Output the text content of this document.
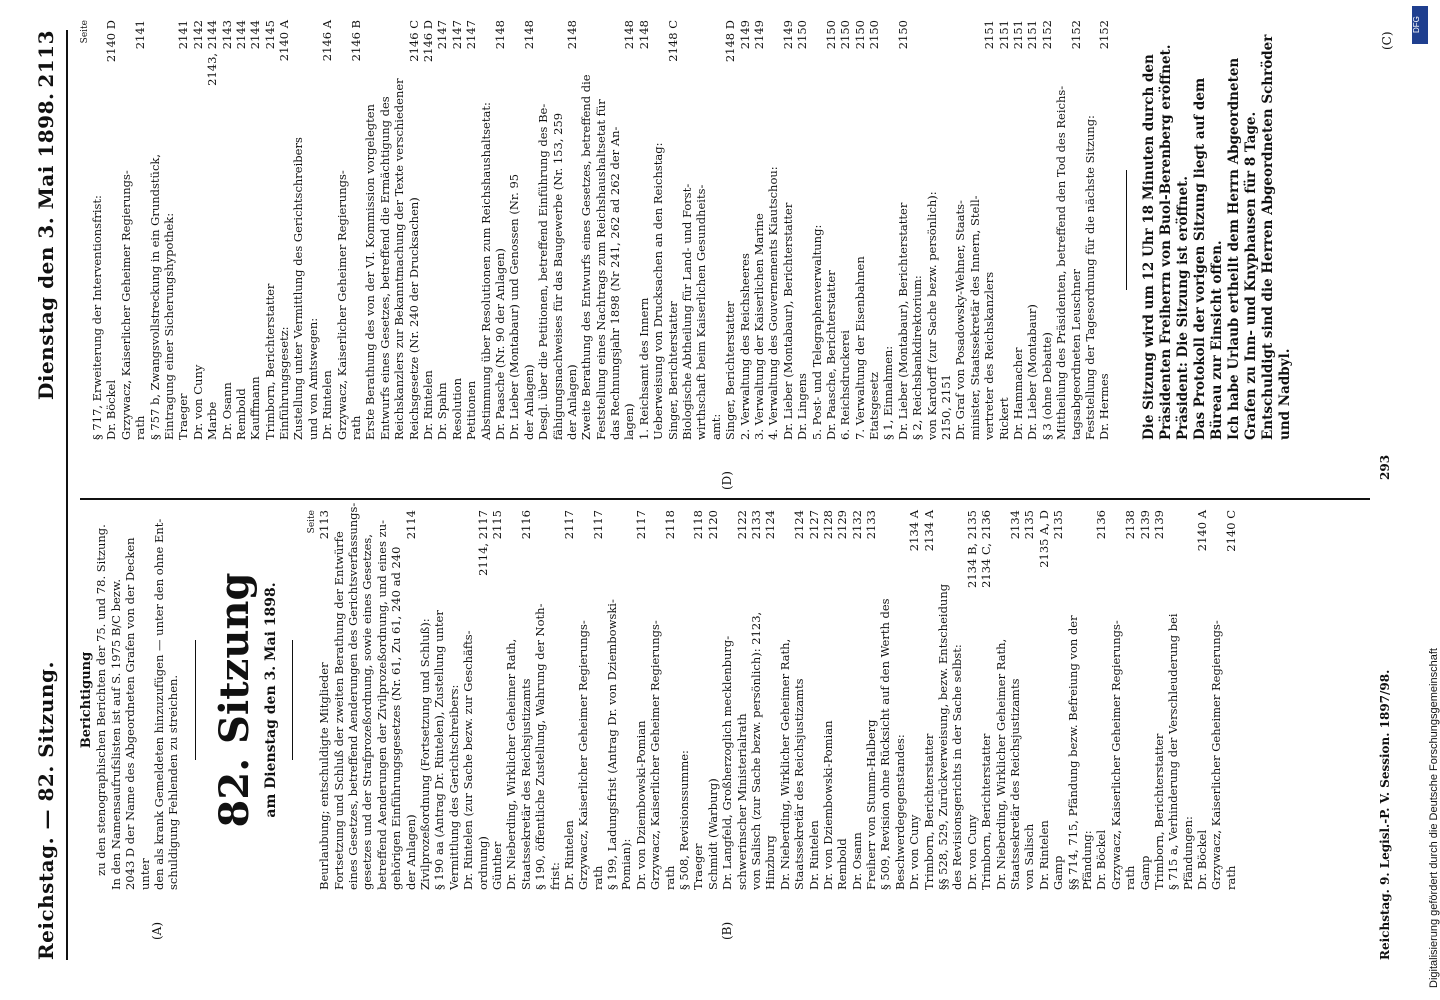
Reichstag. — 82. Sitzung.
Dienstag den 3. Mai 1898.
2113
(A)	(B)
(C)
(D)
Berichtigung zu den stenographischen Berichten der 75. und 78. Sitzung. In den Namensaufrufslisten ist auf S. 1975 B/C bezw. 2043 D der Name des Abgeordneten Grafen von der Decken unter den als krank Gemeldeten hinzuzufügen — unter den ohne Ent- schuldigung Fehlenden zu streichen. 82. Sitzung am Dienstag den 3. Mai 1898.
Seite
Beurlaubung; entschuldigte Mitglieder
2113
Fortsetzung und Schluß der zweiten Berathung der Entwürfe eines Gesetzes, betreffend Aenderungen des Gerichtsverfassungs- gesetzes und der Strafprozeßordnung, sowie eines Gesetzes, betreffend Aenderungen der Zivilprozeßordnung, und eines zu- gehörigen Einführungsgesetzes (Nr. 61, Zu 61, 240 ad 240 der Anlagen)
2114
Zivilprozeßordnung (Fortsetzung und Schluß): § 190 aa (Antrag Dr. Rintelen), Zustellung unter Vermittlung des Gerichtschreibers: Dr. Rintelen (zur Sache bezw. zur Geschäfts- ordnung)
2114, 2117
Günther
2115
Dr. Nieberding, Wirklicher Geheimer Rath, Staatssekretär des Reichsjustizamts
2116
§ 190, öffentliche Zustellung, Wahrung der Noth- frist: Dr. Rintelen
2117
Grzywacz, Kaiserlicher Geheimer Regierungs- rath
2117
§ 199, Ladungsfrist (Antrag Dr. von Dziembowski- Pomian): Dr. von Dziembowski-Pomian
2117
Grzywacz, Kaiserlicher Geheimer Regierungs- rath
2118
§ 508, Revisionssumme: Traeger
2118
Schmidt (Warburg)
2120
Dr. Langfeld, Großherzoglich mecklenburg- schwerinscher Ministerialrath
2122
von Salisch (zur Sache bezw. persönlich): 2123,
2133
Hinzburg
2124
Dr. Nieberding, Wirklicher Geheimer Rath, Staatssekretär des Reichsjustizamts
2124
Dr. Rintelen
2127
Dr. von Dziembowski-Pomian
2128
Rembold
2129
Dr. Osann
2132
Freiherr von Stumm-Halberg
2133
§ 509, Revision ohne Rücksicht auf den Werth des Beschwerdegegenstandes: Dr. von Cuny
2134 A
Trimborn, Berichterstatter
2134 A
§§ 528, 529, Zurückverweisung, bezw. Entscheidung des Revisionsgerichts in der Sache selbst: Dr. von Cuny
2134 B, 2135
Trimborn, Berichterstatter
2134 C, 2136
Dr. Nieberding, Wirklicher Geheimer Rath, Staatssekretär des Reichsjustizamts
2134
von Salisch
2135
Dr. Rintelen
2135 A, D
Gamp
2135
§§ 714, 715, Pfändung bezw. Befreiung von der Pfändung: Dr. Böckel
2136
Grzywacz, Kaiserlicher Geheimer Regierungs- rath
2138
Gamp
2139
Trimborn, Berichterstatter
2139
§ 715 a, Verhinderung der Verschleuderung bei Pfändungen: Dr. Böckel
2140 A
Grzywacz, Kaiserlicher Geheimer Regierungs- rath
2140 C
Seite
§ 717, Erweiterung der Interventionsfrist: Dr. Böckel
2140 D
Grzywacz, Kaiserlicher Geheimer Regierungs- rath
2141
§ 757 b, Zwangsvollstreckung in ein Grundstück, Eintragung einer Sicherungshypothek: Traeger
2141
Dr. von Cuny
2142
Marbe
2143, 2144
Dr. Osann
2143
Rembold
2144
Kauffmann
2144
Trimborn, Berichterstatter
2145
Einführungsgesetz:
2140 A
Zustellung unter Vermittlung des Gerichtschreibers und von Amtswegen: Dr. Rintelen
2146 A
Grzywacz, Kaiserlicher Geheimer Regierungs- rath
2146 B
Erste Berathung des von der VI. Kommission vorgelegten Entwurfs eines Gesetzes, betreffend die Ermächtigung des Reichskanzlers zur Bekanntmachung der Texte verschiedener Reichsgesetze (Nr. 240 der Drucksachen)
2146 C
Dr. Rintelen
2146 D
Dr. Spahn
2147
Resolution
2147
Petitionen
2147
Abstimmung über Resolutionen zum Reichshaushaltsetat: Dr. Paasche (Nr. 90 der Anlagen)
2148
Dr. Lieber (Montabaur) und Genossen (Nr. 95 der Anlagen)
2148
Desgl. über die Petitionen, betreffend Einführung des Be- fähigungsnachweises für das Baugewerbe (Nr. 153, 259 der Anlagen)
2148
Zweite Berathung des Entwurfs eines Gesetzes, betreffend die Feststellung eines Nachtrags zum Reichshaushaltsetat für das Rechnungsjahr 1898 (Nr 241, 262 ad 262 der An- lagen)
2148
1. Reichsamt des Innern
2148
Ueberweisung von Drucksachen an den Reichstag: Singer, Berichterstatter
2148 C
Biologische Abtheilung für Land- und Forst- wirthschaft beim Kaiserlichen Gesundheits- amt: Singer, Berichterstatter
2148 D
2. Verwaltung des Reichsheeres
2149
3. Verwaltung der Kaiserlichen Marine
2149
4. Verwaltung des Gouvernements Kiautschou: Dr. Lieber (Montabaur), Berichterstatter
2149
Dr. Lingens
2150
5. Post- und Telegraphenverwaltung: Dr. Paasche, Berichterstatter
2150
6. Reichsdruckerei
2150
7. Verwaltung der Eisenbahnen
2150
Etatsgesetz
2150
§ 1, Einnahmen: Dr. Lieber (Montabaur), Berichterstatter
2150
§ 2, Reichsbankdirektorium: von Kardorff (zur Sache bezw. persönlich): 2150, 2151 Dr. Graf von Posadowsky-Wehner, Staats- minister, Staatssekretär des Innern, Stell- vertreter des Reichskanzlers
2151
Rickert
2151
Dr. Hammacher
2151
Dr. Lieber (Montabaur)
2151
§ 3 (ohne Debatte)
2152
Mittheilung des Präsidenten, betreffend den Tod des Reichs- tagsabgeordneten Leuschner
2152
Feststellung der Tagesordnung für die nächste Sitzung: Dr. Hermes
2152
Die Sitzung wird um 12 Uhr 18 Minuten durch den Präsidenten Freiherrn von Buol-Berenberg eröffnet. Präsident: Die Sitzung ist eröffnet. Das Protokoll der vorigen Sitzung liegt auf dem Büreau zur Einsicht offen. Ich habe Urlaub ertheilt dem Herrn Abgeordneten Grafen zu Inn- und Knyphausen für 8 Tage. Entschuldigt sind die Herren Abgeordneten Schröder und Nadbyl.
Reichstag. 9. Legisl.-P. V. Session. 1897/98.
293
DFG
Digitalisierung gefördert durch die Deutsche Forschungsgemeinschaft
